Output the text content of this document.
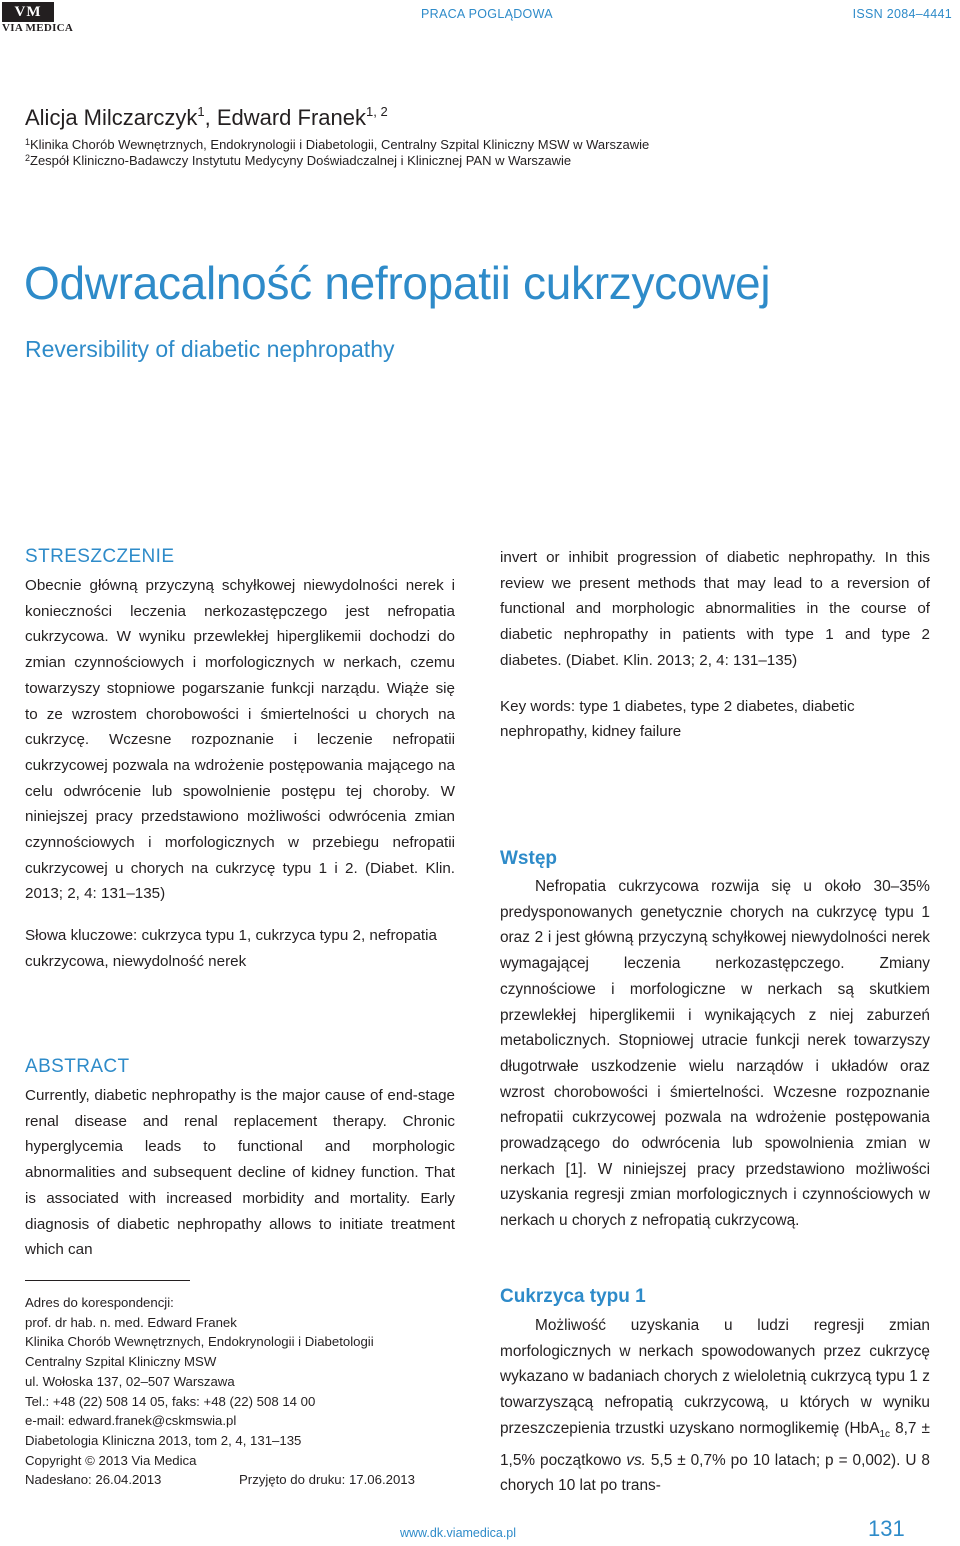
VM
VIA MEDICA
PRACA POGLĄDOWA	ISSN 2084–4441
Alicja Milczarczyk$^1$, Edward Franek$^{1, 2}$
$^1$Klinika Chorób Wewnętrznych, Endokrynologii i Diabetologii, Centralny Szpital Kliniczny MSW w Warszawie
$^2$Zespół Kliniczno-Badawczy Instytutu Medycyny Doświadczalnej i Klinicznej PAN w Warszawie
Odwracalność nefropatii cukrzycowej
Reversibility of diabetic nephropathy
STRESZCZENIE

Obecnie główną przyczyną schyłkowej niewydolności nerek i konieczności leczenia nerkozastępczego jest nefropatia cukrzycowa. W wyniku przewlekłej hiperglikemii dochodzi do zmian czynnościowych i morfologicznych w nerkach, czemu towarzyszy stopniowe pogarszanie funkcji narządu. Wiąże się to ze wzrostem chorobowości i śmiertelności u chorych na cukrzycę. Wczesne rozpoznanie i leczenie nefropatii cukrzycowej pozwala na wdrożenie postępowania mającego na celu odwrócenie lub spowolnienie postępu tej choroby. W niniejszej pracy przedstawiono możliwości odwrócenia zmian czynnościowych i morfologicznych w przebiegu nefropatii cukrzycowej u chorych na cukrzycę typu 1 i 2. (Diabet. Klin. 2013; 2, 4: 131–135)

Słowa kluczowe: cukrzyca typu 1, cukrzyca typu 2, nefropatia cukrzycowa, niewydolność nerek

ABSTRACT

Currently, diabetic nephropathy is the major cause of end-stage renal disease and renal replacement therapy. Chronic hyperglycemia leads to functional and morphologic abnormalities and subsequent decline of kidney function. That is associated with increased morbidity and mortality. Early diagnosis of diabetic nephropathy allows to initiate treatment which can

invert or inhibit progression of diabetic nephropathy. In this review we present methods that may lead to a reversion of functional and morphologic abnormalities in the course of diabetic nephropathy in patients with type 1 and type 2 diabetes. (Diabet. Klin. 2013; 2, 4: 131–135)

Key words: type 1 diabetes, type 2 diabetes, diabetic nephropathy, kidney failure

Wstęp

Nefropatia cukrzycowa rozwija się u około 30–35% predysponowanych genetycznie chorych na cukrzycę typu 1 oraz 2 i jest główną przyczyną schyłkowej niewydolności nerek wymagającej leczenia nerkozastępczego. Zmiany czynnościowe i morfologiczne w nerkach są skutkiem przewlekłej hiperglikemii i wynikających z niej zaburzeń metabolicznych. Stopniowej utracie funkcji nerek towarzyszy długotrwałe uszkodzenie wielu narządów i układów oraz wzrost chorobowości i śmiertelności. Wczesne rozpoznanie nefropatii cukrzycowej pozwala na wdrożenie postępowania prowadzącego do odwrócenia lub spowolnienia zmian w nerkach [1]. W niniejszej pracy przedstawiono możliwości uzyskania regresji zmian morfologicznych i czynnościowych w nerkach u chorych z nefropatią cukrzycową.

Cukrzyca typu 1

Możliwość uzyskania u ludzi regresji zmian morfologicznych w nerkach spowodowanych przez cukrzycę wykazano w badaniach chorych z wieloletnią cukrzycą typu 1 z towarzyszącą nefropatią cukrzycową, u których w wyniku przeszczepienia trzustki uzyskano normoglikemię (HbA$_{1c}$ 8,7 ± 1,5% początkowo vs. 5,5 ± 0,7% po 10 latach; p = 0,002). U 8 chorych 10 lat po trans-

Adres do korespondencji:
prof. dr hab. n. med. Edward Franek
Klinika Chorób Wewnętrznych, Endokrynologii i Diabetologii
Centralny Szpital Kliniczny MSW
ul. Wołoska 137, 02–507 Warszawa
Tel.: +48 (22) 508 14 05, faks: +48 (22) 508 14 00
e-mail: edward.franek@cskmswia.pl
Diabetologia Kliniczna 2013, tom 2, 4, 131–135
Copyright © 2013 Via Medica
Nadesłano: 26.04.2013	Przyjęto do druku: 17.06.2013
www.dk.viamedica.pl	131
